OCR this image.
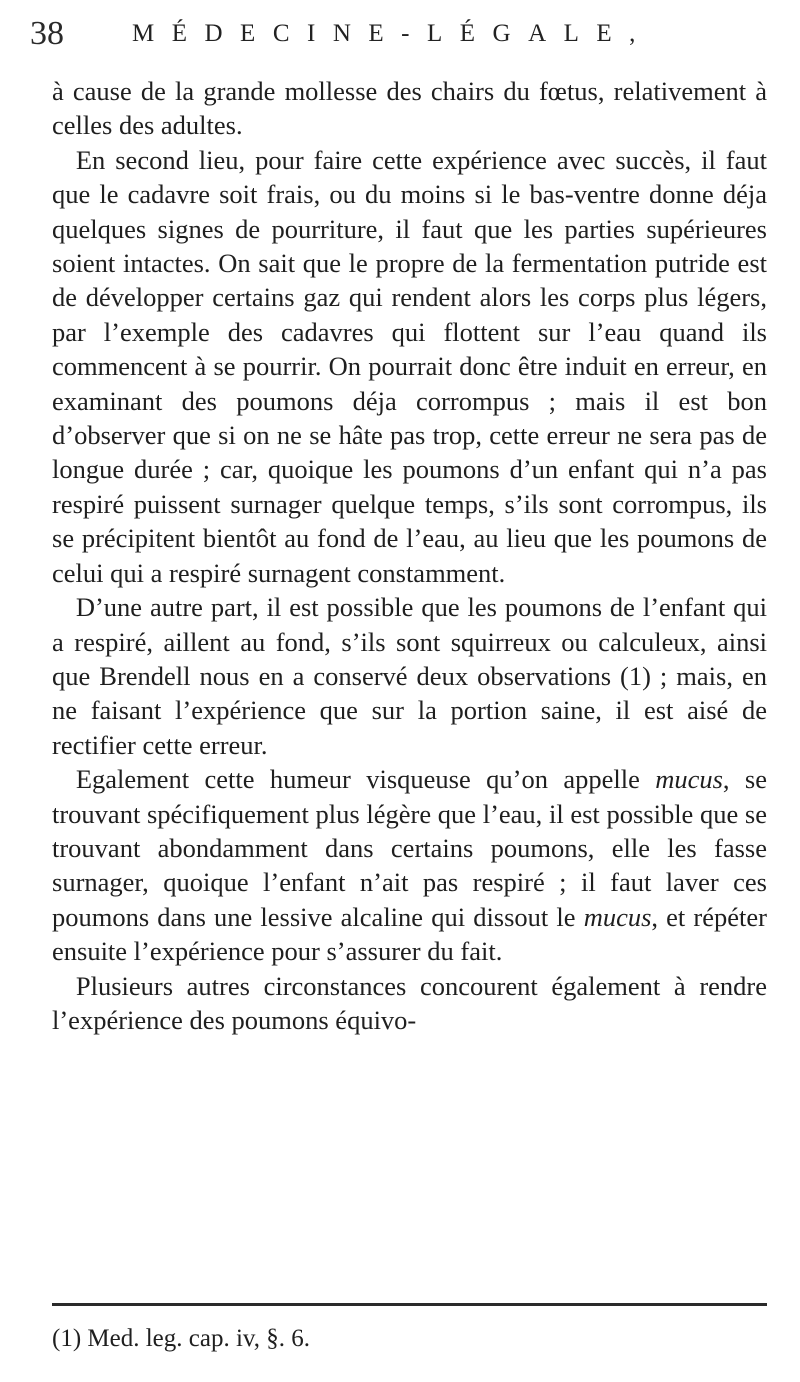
38	MÉDECINE-LÉGALE,

à cause de la grande mollesse des chairs du fœtus, relativement à celles des adultes.

En second lieu, pour faire cette expérience avec succès, il faut que le cadavre soit frais, ou du moins si le bas-ventre donne déja quelques signes de pourriture, il faut que les parties supérieures soient intactes. On sait que le propre de la fermentation putride est de développer certains gaz qui rendent alors les corps plus légers, par l’exemple des cadavres qui flottent sur l’eau quand ils commencent à se pourrir. On pourrait donc être induit en erreur, en examinant des poumons déja corrompus ; mais il est bon d’observer que si on ne se hâte pas trop, cette erreur ne sera pas de longue durée ; car, quoique les poumons d’un enfant qui n’a pas respiré puissent surnager quelque temps, s’ils sont corrompus, ils se précipitent bientôt au fond de l’eau, au lieu que les poumons de celui qui a respiré surnagent constamment.

D’une autre part, il est possible que les poumons de l’enfant qui a respiré, aillent au fond, s’ils sont squirreux ou calculeux, ainsi que Brendell nous en a conservé deux observations (1) ; mais, en ne faisant l’expérience que sur la portion saine, il est aisé de rectifier cette erreur.

Egalement cette humeur visqueuse qu’on appelle mucus, se trouvant spécifiquement plus légère que l’eau, il est possible que se trouvant abondamment dans certains poumons, elle les fasse surnager, quoique l’enfant n’ait pas respiré ; il faut laver ces poumons dans une lessive alcaline qui dissout le mucus, et répéter ensuite l’expérience pour s’assurer du fait.

Plusieurs autres circonstances concourent également à rendre l’expérience des poumons équivo-

(1) Med. leg. cap. iv, §. 6.
